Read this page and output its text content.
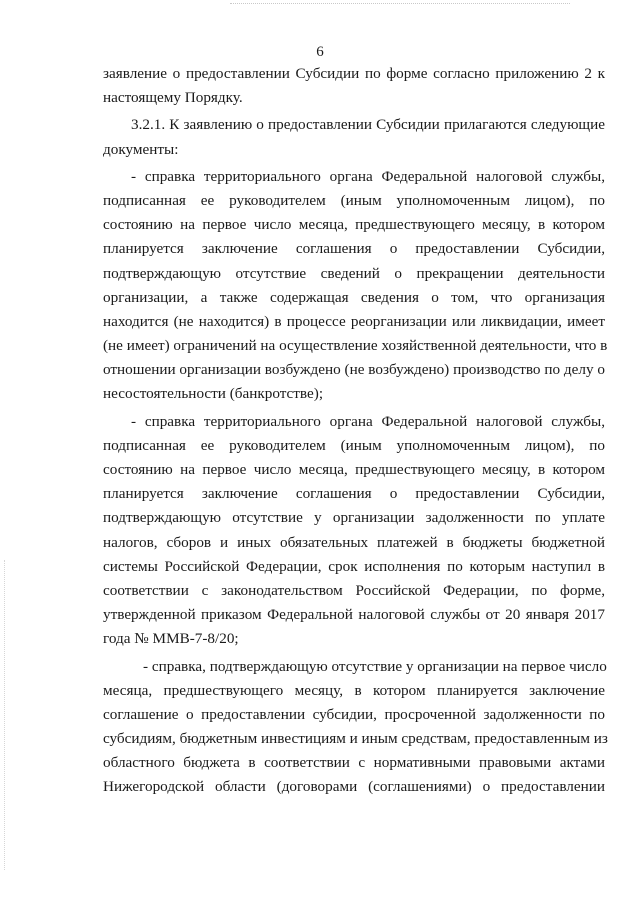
6
заявление о предоставлении Субсидии по форме согласно приложению 2 к
настоящему Порядку.
3.2.1. К заявлению о предоставлении Субсидии прилагаются следующие
документы:
- справка территориального органа Федеральной налоговой службы,
подписанная ее руководителем (иным уполномоченным лицом), по
состоянию на первое число месяца, предшествующего месяцу, в котором
планируется заключение соглашения о предоставлении Субсидии,
подтверждающую отсутствие сведений о прекращении деятельности
организации, а также содержащая сведения о том, что организация
находится (не находится) в процессе реорганизации или ликвидации, имеет
(не имеет) ограничений на осуществление хозяйственной деятельности, что в
отношении организации возбуждено (не возбуждено) производство по делу о
несостоятельности (банкротстве);
- справка территориального органа Федеральной налоговой службы,
подписанная ее руководителем (иным уполномоченным лицом), по
состоянию на первое число месяца, предшествующего месяцу, в котором
планируется заключение соглашения о предоставлении Субсидии,
подтверждающую отсутствие у организации задолженности по уплате
налогов, сборов и иных обязательных платежей в бюджеты бюджетной
системы Российской Федерации, срок исполнения по которым наступил в
соответствии с законодательством Российской Федерации, по форме,
утвержденной приказом Федеральной налоговой службы от 20 января 2017
года № ММВ-7-8/20;
- справка, подтверждающую отсутствие у организации на первое число
месяца, предшествующего месяцу, в котором планируется заключение
соглашение о предоставлении субсидии, просроченной задолженности по
субсидиям, бюджетным инвестициям и иным средствам, предоставленным из
областного бюджета в соответствии с нормативными правовыми актами
Нижегородской области (договорами (соглашениями) о предоставлении
